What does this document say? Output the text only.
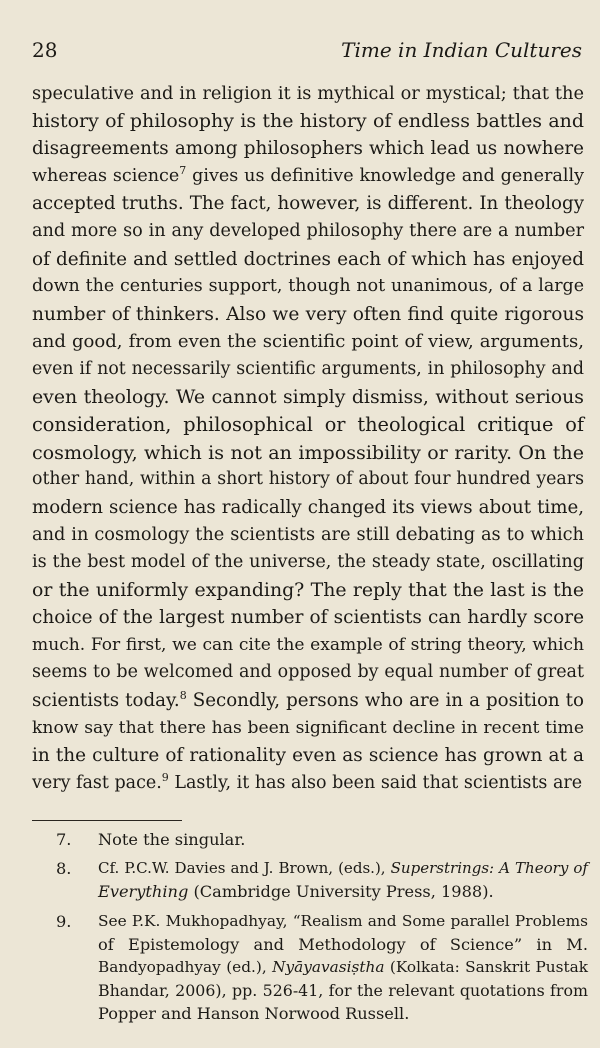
28	Time in Indian Cultures
speculative and in religion it is mythical or mystical; that the
history of philosophy is the history of endless battles and
disagreements among philosophers which lead us nowhere
whereas science$^7$ gives us definitive knowledge and generally
accepted truths. The fact, however, is different. In theology
and more so in any developed philosophy there are a number
of definite and settled doctrines each of which has enjoyed
down the centuries support, though not unanimous, of a large
number of thinkers. Also we very often find quite rigorous
and good, from even the scientific point of view, arguments,
even if not necessarily scientific arguments, in philosophy and
even theology. We cannot simply dismiss, without serious
consideration, philosophical or theological critique of
cosmology, which is not an impossibility or rarity. On the
other hand, within a short history of about four hundred years
modern science has radically changed its views about time,
and in cosmology the scientists are still debating as to which
is the best model of the universe, the steady state, oscillating
or the uniformly expanding? The reply that the last is the
choice of the largest number of scientists can hardly score
much. For first, we can cite the example of string theory, which
seems to be welcomed and opposed by equal number of great
scientists today.$^8$ Secondly, persons who are in a position to
know say that there has been significant decline in recent time
in the culture of rationality even as science has grown at a
very fast pace.$^9$ Lastly, it has also been said that scientists are
7.	Note the singular.
8.	Cf. P.C.W. Davies and J. Brown, (eds.), Superstrings: A Theory of
Everything (Cambridge University Press, 1988).
9.	See P.K. Mukhopadhyay, “Realism and Some parallel Problems
of Epistemology and Methodology of Science” in M.
Bandyopadhyay (ed.), Nyāyavasiṣtha (Kolkata: Sanskrit Pustak
Bhandar, 2006), pp. 526-41, for the relevant quotations from
Popper and Hanson Norwood Russell.
